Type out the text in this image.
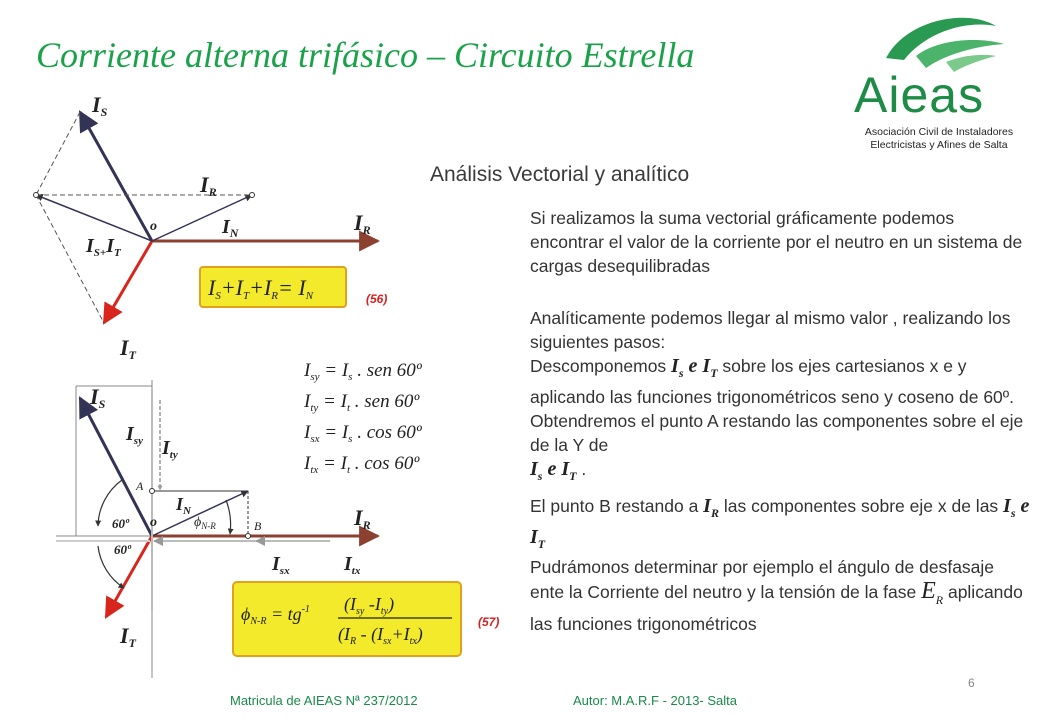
Corriente alterna trifásico – Circuito Estrella
Aieas
Asociación Civil de Instaladores
Electricistas y Afines de Salta
Análisis Vectorial y analítico
Si realizamos la suma vectorial gráficamente podemos encontrar el valor de la corriente por el neutro en un sistema de cargas desequilibradas
Analíticamente podemos llegar al mismo valor , realizando los siguientes pasos:
Descomponemos $I_s$ e $I_T$ sobre los ejes cartesianos x e y aplicando las funciones trigonométricos seno y coseno de 60º. Obtendremos el punto A restando las componentes sobre el eje de la Y de
$I_s$ e $I_T$ .
El punto B restando a $I_R$ las componentes sobre eje x de las $I_s$ e $I_T$
Pudrámonos determinar por ejemplo el ángulo de desfasaje ente la Corriente del neutro y la tensión de la fase $E_R$ aplicando las funciones trigonométricos
(56)
(57)
IS
IT
IR
IR
$I_N$
$I_{S+}I_T$
o
IS+IT+IR= IN
IS
IT
IR
$I_N$
$I_{sy}$ $I_{ty}$
$I_{sx}$	$I_{tx}$
A
B
o
60º
60º
$\phi_{N-R}$
$I_{sy} = I_s$ . sen 60º
$I_{ty} = I_t$ . sen 60º
$I_{sx} = I_s$ . cos 60º
$I_{tx} = I_t$ . cos 60º
$\phi_{N-R} = tg^{-1}$ ($I_{sy}$ $-I_{ty}$)
($I_R - (I_{sx}+I_{tx})$
Matricula de AIEAS Nª 237/2012	Autor: M.A.R.F - 2013- Salta
6
